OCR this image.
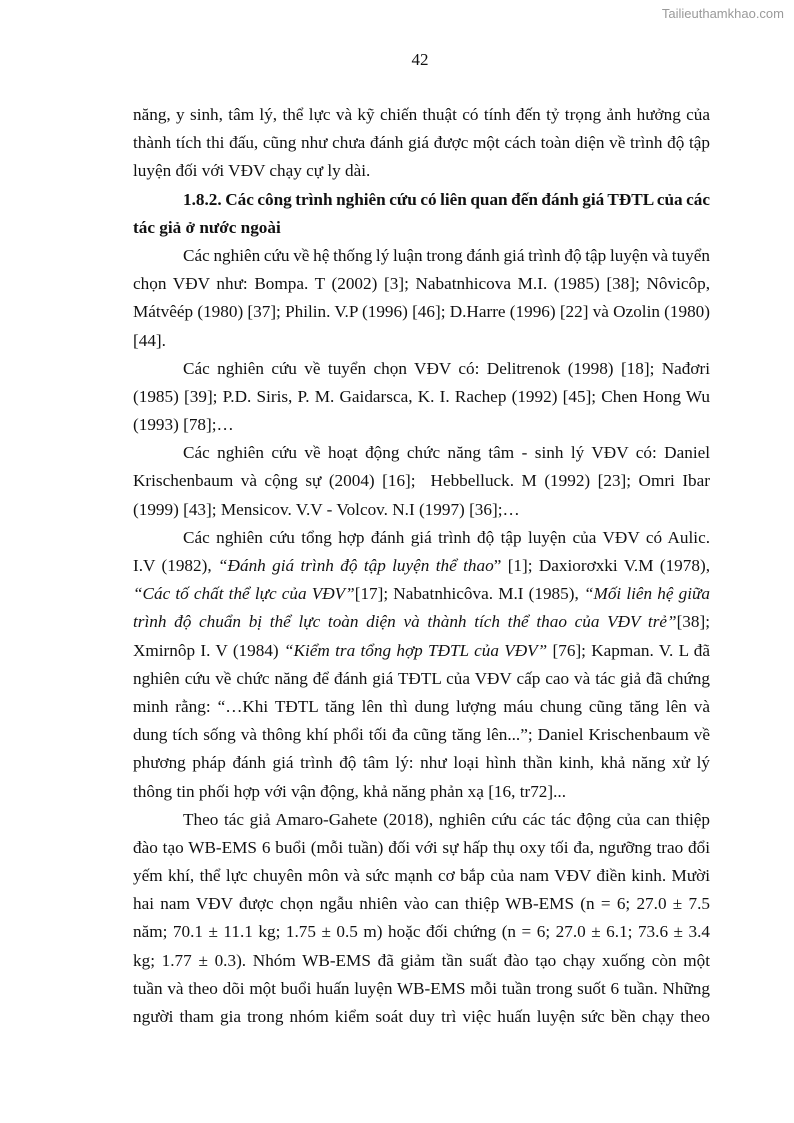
Tailieuthamkhao.com
42
năng, y sinh, tâm lý, thể lực và kỹ chiến thuật có tính đến tỷ trọng ảnh hưởng của
thành tích thi đấu, cũng như chưa đánh giá được một cách toàn diện về trình độ tập
luyện đối với VĐV chạy cự ly dài.
1.8.2. Các công trình nghiên cứu có liên quan đến đánh giá TĐTL của các
tác giả ở nước ngoài
Các nghiên cứu về hệ thống lý luận trong đánh giá trình độ tập luyện và tuyển
chọn VĐV như: Bompa. T (2002) [3]; Nabatnhicova M.I. (1985) [38]; Nôvicôp,
Mátvêép (1980) [37]; Philin. V.P (1996) [46]; D.Harre (1996) [22] và Ozolin (1980)
[44].
Các nghiên cứu về tuyển chọn VĐV có: Delitrenok (1998) [18]; Nađơri
(1985) [39]; P.D. Siris, P. M. Gaidarsca, K. I. Rachep (1992) [45]; Chen Hong Wu
(1993) [78];…
Các nghiên cứu về hoạt động chức năng tâm - sinh lý VĐV có: Daniel
Krischenbaum và cộng sự (2004) [16];  Hebbelluck. M (1992) [23]; Omri Ibar
(1999) [43]; Mensicov. V.V - Volcov. N.I (1997) [36];…
Các nghiên cứu tổng hợp đánh giá trình độ tập luyện của VĐV có Aulic.
I.V (1982), “Đánh giá trình độ tập luyện thể thao” [1]; Daxiorơxki V.M (1978),
“Các tố chất thể lực của VĐV”[17]; Nabatnhicôva. M.I (1985), “Mối liên hệ giữa
trình độ chuẩn bị thể lực toàn diện và thành tích thể thao của VĐV trẻ”[38];
Xmirnôp I. V (1984) “Kiểm tra tổng hợp TĐTL của VĐV” [76]; Kapman. V. L đã
nghiên cứu về chức năng để đánh giá TĐTL của VĐV cấp cao và tác giả đã chứng
minh rằng: “…Khi TĐTL tăng lên thì dung lượng máu chung cũng tăng lên và
dung tích sống và thông khí phổi tối đa cũng tăng lên...”; Daniel Krischenbaum về
phương pháp đánh giá trình độ tâm lý: như loại hình thần kinh, khả năng xử lý
thông tin phối hợp với vận động, khả năng phản xạ [16, tr72]...
Theo tác giả Amaro-Gahete (2018), nghiên cứu các tác động của can thiệp
đào tạo WB-EMS 6 buổi (mỗi tuần) đối với sự hấp thụ oxy tối đa, ngưỡng trao đổi
yếm khí, thể lực chuyên môn và sức mạnh cơ bắp của nam VĐV điền kinh. Mười
hai nam VĐV được chọn ngẫu nhiên vào can thiệp WB-EMS (n = 6; 27.0 ± 7.5
năm; 70.1 ± 11.1 kg; 1.75 ± 0.5 m) hoặc đối chứng (n = 6; 27.0 ± 6.1; 73.6 ± 3.4
kg; 1.77 ± 0.3). Nhóm WB-EMS đã giảm tần suất đào tạo chạy xuống còn một
tuần và theo dõi một buổi huấn luyện WB-EMS mỗi tuần trong suốt 6 tuần. Những
người tham gia trong nhóm kiểm soát duy trì việc huấn luyện sức bền chạy theo
